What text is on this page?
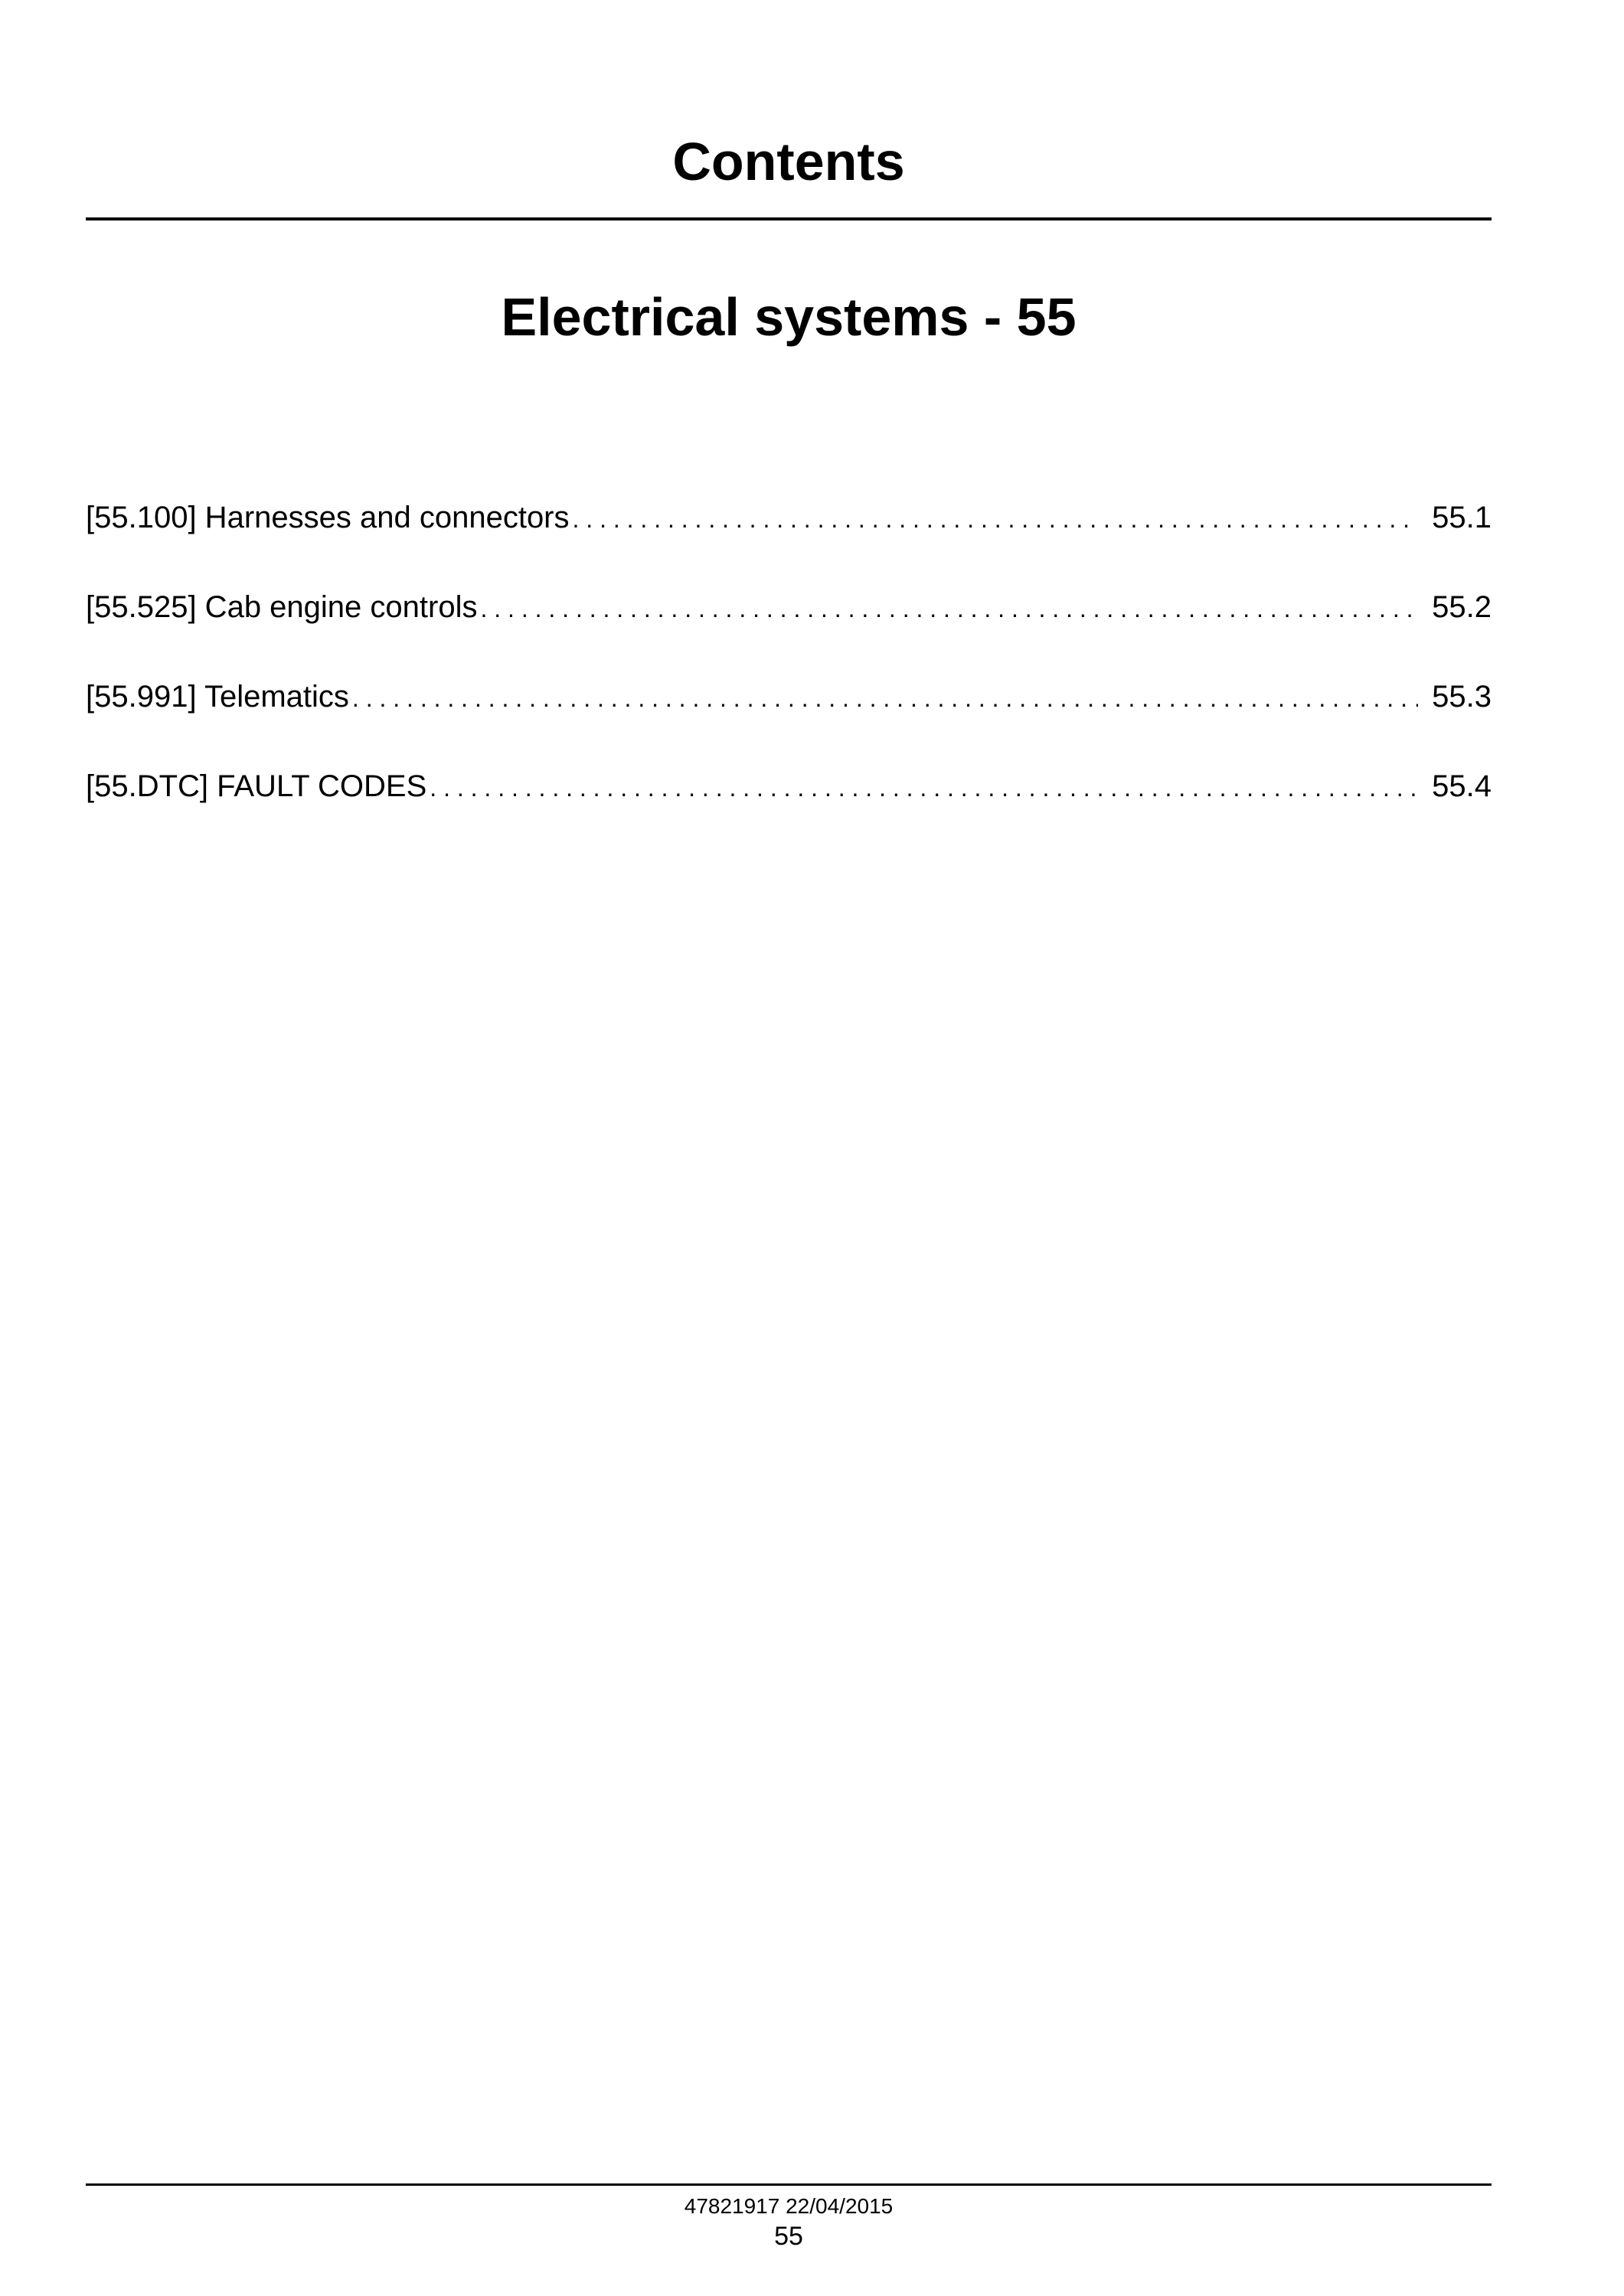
Contents
Electrical systems - 55
[55.100] Harnesses and connectors . . .	55.1
[55.525] Cab engine controls . . .	55.2
[55.991] Telematics . . .	55.3
[55.DTC] FAULT CODES . . .	55.4
47821917 22/04/2015
55
